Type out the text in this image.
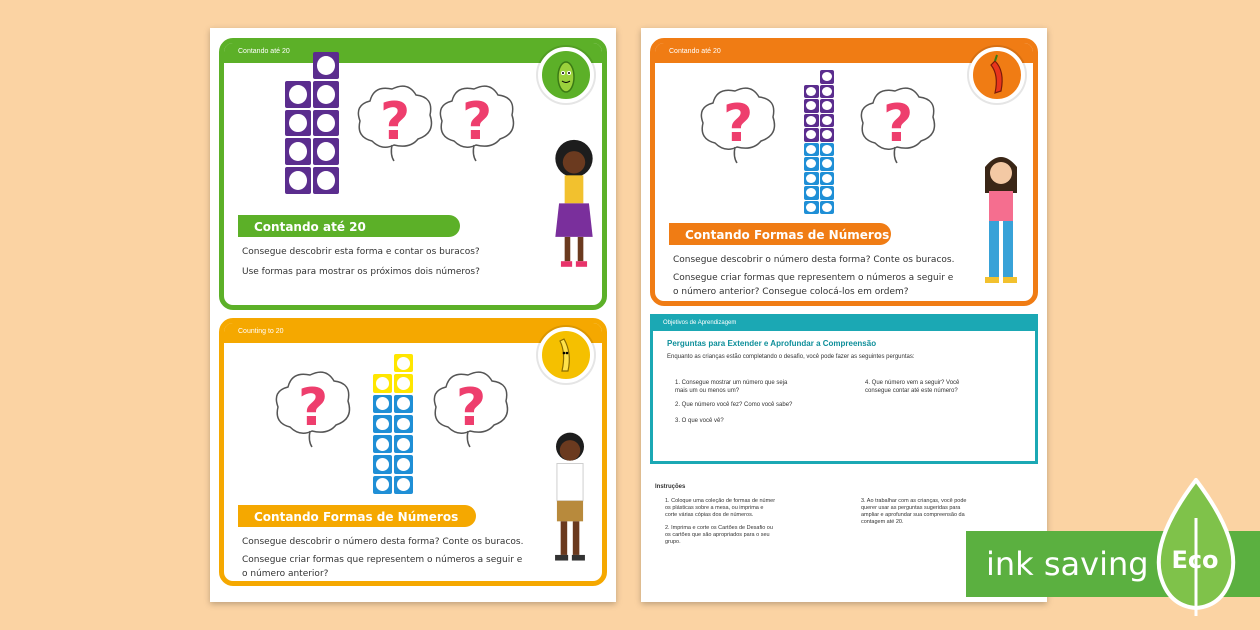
Contando até 20
? ?
Contando até 20
Consegue descobrir esta forma e contar os buracos?
Use formas para mostrar os próximos dois números?
Counting to 20
? ?
Contando Formas de Números
Consegue descobrir o número desta forma? Conte os buracos.
Consegue criar formas que representem o números a seguir e
o número anterior?
Contando até 20
? ?
Contando Formas de Números
Consegue descobrir o número desta forma? Conte os buracos.
Consegue criar formas que representem o números a seguir e
o número anterior? Consegue colocá-los em ordem?
Objetivos de Aprendizagem
Perguntas para Extender e Aprofundar a Compreensão
Enquanto as crianças estão completando o desafio, você pode fazer as seguintes perguntas:
1. Consegue mostrar um número que seja
mais um ou menos um?
2. Que número você fez? Como você sabe?
3. O que você vê?
4. Que número vem a seguir? Você
consegue contar até este número?
Instruções
1. Coloque uma coleção de formas de númer
os plásticas sobre a mesa, ou imprima e
corte várias cópias dos de números.
2. Imprima e corte os Cartões de Desafio ou
os cartões que são apropriados para o seu
grupo.
3. Ao trabalhar com as crianças, você pode
querer usar as perguntas sugeridas para
ampliar e aprofundar sua compreensão da
contagem até 20.
ink saving Eco
